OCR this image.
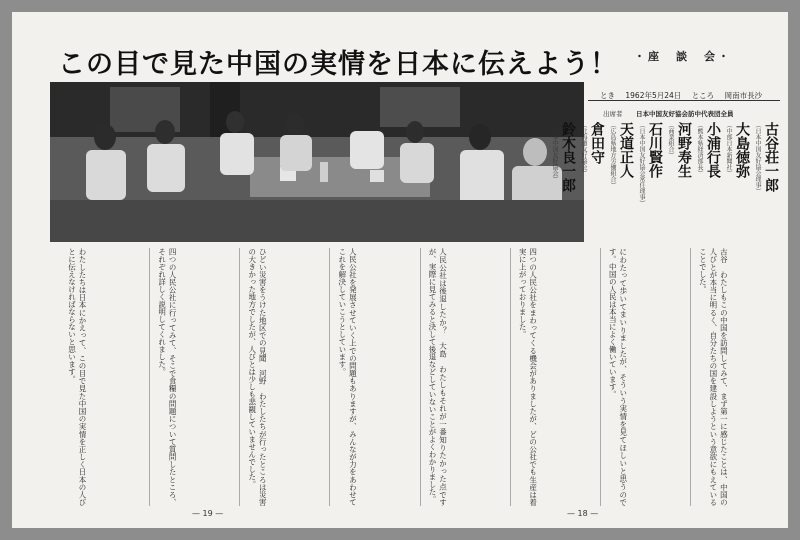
この目で見た中国の実情を日本に伝えよう！ ・座　談　会・
とき 1962年5月24日 ところ 岡南市長沙
出席者 日本中国友好協会訪中代表団全員
古谷荘一郎
（日本中国友好協会理事）
大島徳弥
（中部日本新聞社）
小浦行長
（熊本県経済部長）
河野寿生
（商業組合）
石川賢作
（日本中国友好協会常任理事）
天道正人
（広島県地方労働組合）
倉田守
（北海道友好協会）
鈴木良一郎
（日本中国友好協会）
古谷　わたしもこの中国を訪問してみて、まず第一に感じたことは、中国の人びとが本当に明るく、自分たちの国を建設しようという意欲にもえていることでした。
にわたって歩いてまいりましたが、そういう実情を見てほしいと思うのです。中国の人民は本当によく働いています。
四つの人民公社をまわってくる機会がありましたが、どの公社でも生産は着実に上がっておりました。
人民公社は後退したか？　大島　わたしもそれが一番知りたかった点ですが、実際に見てみると決して後退などしていないことがよくわかりました。
人民公社を発展させていく上での問題もありますが、みんなが力をあわせてこれを解決していこうとしています。
ひどい災害をうけた地区での見聞　河野　わたしたちが行ったところは災害の大きかった地方でしたが、人びとは少しも悲観していませんでした。
四つの人民公社に行ってみて、そこで食糧の問題について質問したところ、それぞれ詳しく説明してくれました。
わたしたちは日本にかえって、この目で見た中国の実情を正しく日本の人びとに伝えなければならないと思います。
— 19 —	— 18 —
